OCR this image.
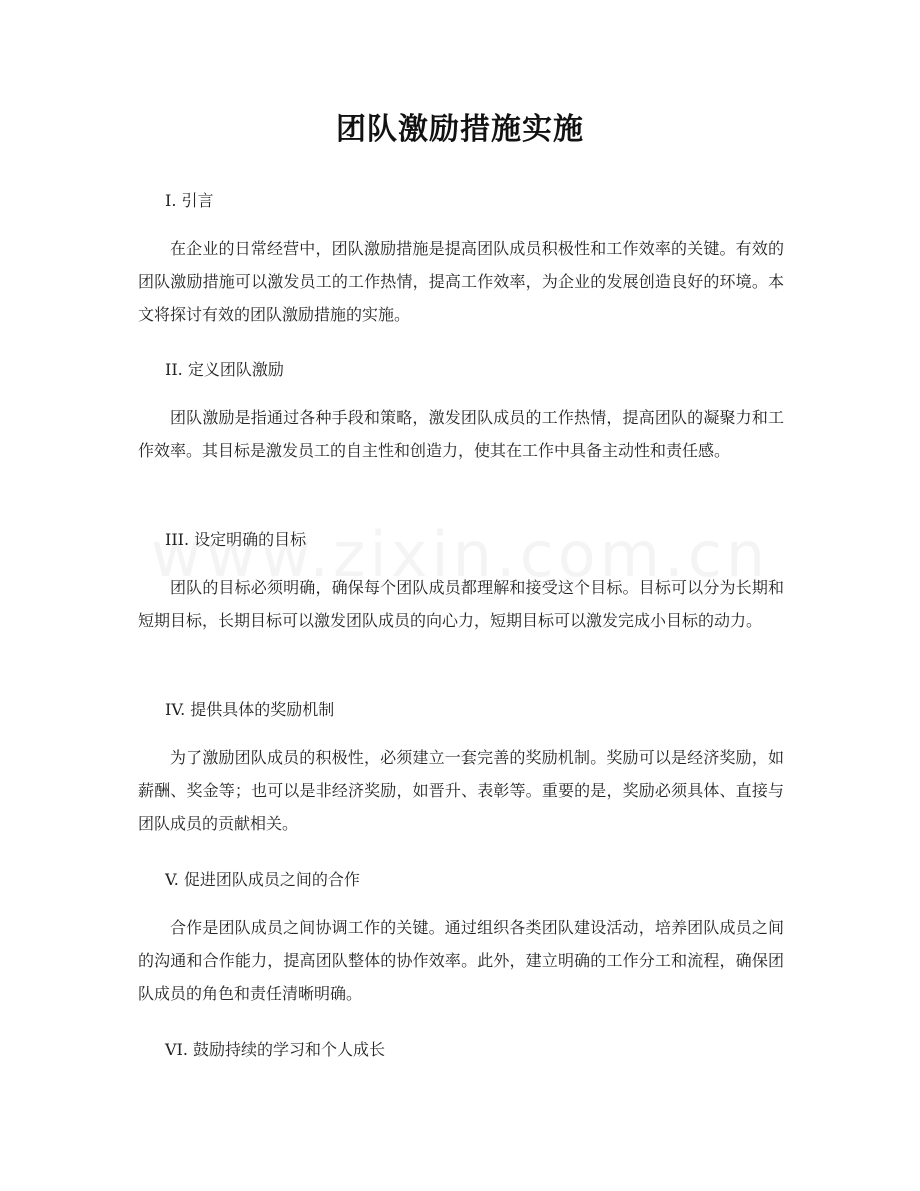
团队激励措施实施
I. 引言
在企业的日常经营中，团队激励措施是提高团队成员积极性和工作效率的关键。有效的团队激励措施可以激发员工的工作热情，提高工作效率，为企业的发展创造良好的环境。本文将探讨有效的团队激励措施的实施。
II. 定义团队激励
团队激励是指通过各种手段和策略，激发团队成员的工作热情，提高团队的凝聚力和工作效率。其目标是激发员工的自主性和创造力，使其在工作中具备主动性和责任感。
III. 设定明确的目标
团队的目标必须明确，确保每个团队成员都理解和接受这个目标。目标可以分为长期和短期目标，长期目标可以激发团队成员的向心力，短期目标可以激发完成小目标的动力。
IV. 提供具体的奖励机制
为了激励团队成员的积极性，必须建立一套完善的奖励机制。奖励可以是经济奖励，如薪酬、奖金等；也可以是非经济奖励，如晋升、表彰等。重要的是，奖励必须具体、直接与团队成员的贡献相关。
V. 促进团队成员之间的合作
合作是团队成员之间协调工作的关键。通过组织各类团队建设活动，培养团队成员之间的沟通和合作能力，提高团队整体的协作效率。此外，建立明确的工作分工和流程，确保团队成员的角色和责任清晰明确。
VI. 鼓励持续的学习和个人成长
